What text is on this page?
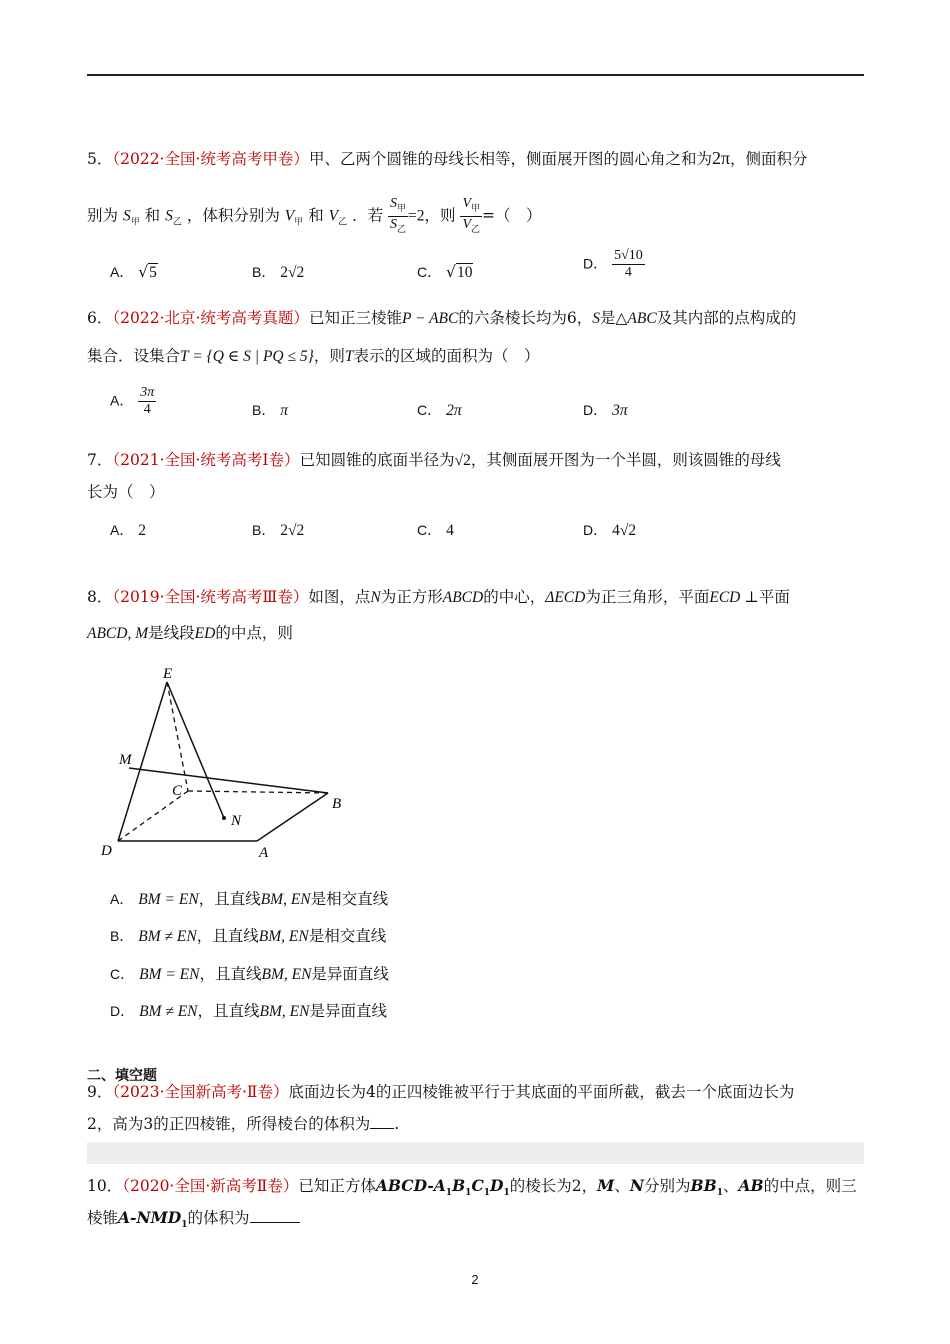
5．（2022·全国·统考高考甲卷）甲、乙两个圆锥的母线长相等，侧面展开图的圆心角之和为2π，侧面积分
别为 $S_甲$ 和 $S_乙$ ，体积分别为 $V_甲$ 和 $V_乙$ ．若 $\frac{S_甲}{S_乙} =2$，则 $\frac{V_甲}{V_乙}$ =（　）
A． √5	B． 2√2	C． √10
D． $\frac{5√10}{4}$
6．（2022·北京·统考高考真题）已知正三棱锥P − ABC的六条棱长均为6，S是△ABC及其内部的点构成的
集合．设集合T = {Q ∈ S | PQ ≤ 5}，则T表示的区域的面积为（　）
A． $\frac{3\pi}{4}$	B． π	C． 2π	D． 3π
7．（2021·全国·统考高考Ⅰ卷）已知圆锥的底面半径为√2，其侧面展开图为一个半圆，则该圆锥的母线
长为（　）
A． 2	B． 2√2	C． 4	D． 4√2
8．（2019·全国·统考高考Ⅲ卷）如图，点N为正方形ABCD的中心，ΔECD为正三角形，平面ECD ⊥平面
ABCD, M是线段ED的中点，则
E
M
C
B
N
D	A
A． BM = EN，且直线BM, EN是相交直线
B． BM ≠ EN，且直线BM, EN是相交直线
C． BM = EN，且直线BM, EN是异面直线
D． BM ≠ EN，且直线BM, EN是异面直线
二、填空题
9．（2023·全国新高考·Ⅱ卷）底面边长为4的正四棱锥被平行于其底面的平面所截，截去一个底面边长为
2，高为3的正四棱锥，所得棱台的体积为 .
10．（2020·全国·新高考Ⅱ卷）已知正方体ABCD-$A_1B_1C_1D_1$的棱长为2，M、N分别为$BB_1$、AB的中点，则三
棱锥$A-NMD_1$的体积为
2
